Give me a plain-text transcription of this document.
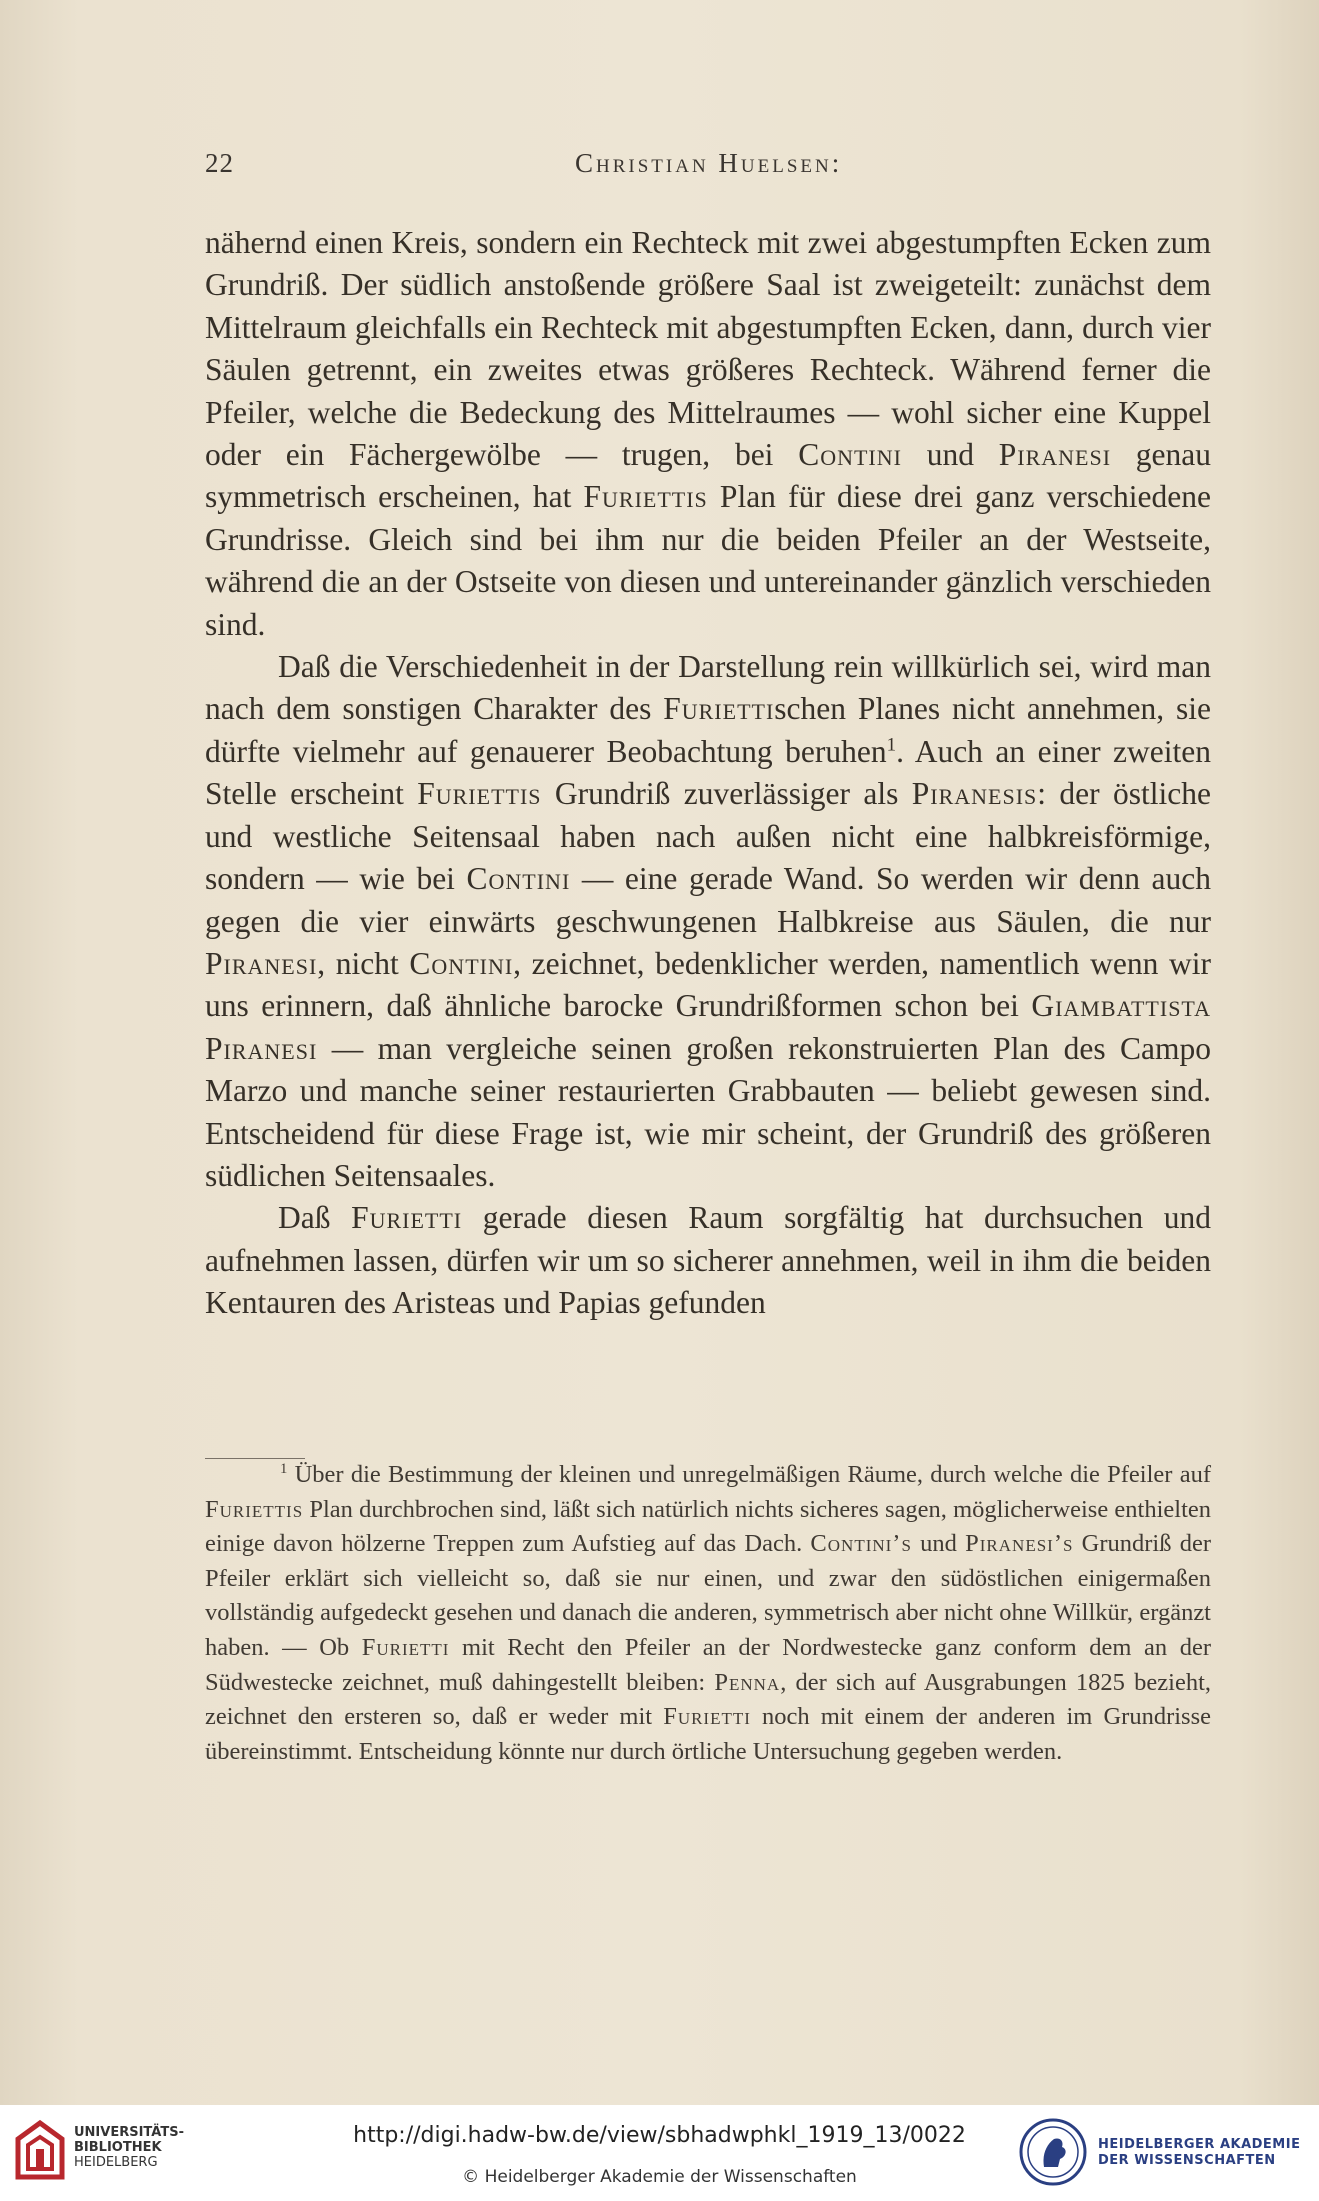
22	Christian Huelsen:

nähernd einen Kreis, sondern ein Rechteck mit zwei abgestumpften Ecken zum Grundriß. Der südlich anstoßende größere Saal ist zweigeteilt: zunächst dem Mittelraum gleichfalls ein Rechteck mit abgestumpften Ecken, dann, durch vier Säulen getrennt, ein zweites etwas größeres Rechteck. Während ferner die Pfeiler, welche die Bedeckung des Mittelraumes — wohl sicher eine Kuppel oder ein Fächergewölbe — trugen, bei Contini und Piranesi genau symmetrisch erscheinen, hat Furiettis Plan für diese drei ganz verschiedene Grundrisse. Gleich sind bei ihm nur die beiden Pfeiler an der Westseite, während die an der Ostseite von diesen und untereinander gänzlich verschieden sind.

Daß die Verschiedenheit in der Darstellung rein willkürlich sei, wird man nach dem sonstigen Charakter des Furiettischen Planes nicht annehmen, sie dürfte vielmehr auf genauerer Beobachtung beruhen$^1$. Auch an einer zweiten Stelle erscheint Furiettis Grundriß zuverlässiger als Piranesis: der östliche und westliche Seitensaal haben nach außen nicht eine halbkreisförmige, sondern — wie bei Contini — eine gerade Wand. So werden wir denn auch gegen die vier einwärts geschwungenen Halbkreise aus Säulen, die nur Piranesi, nicht Contini, zeichnet, bedenklicher werden, namentlich wenn wir uns erinnern, daß ähnliche barocke Grundrißformen schon bei Giambattista Piranesi — man vergleiche seinen großen rekonstruierten Plan des Campo Marzo und manche seiner restaurierten Grabbauten — beliebt gewesen sind. Entscheidend für diese Frage ist, wie mir scheint, der Grundriß des größeren südlichen Seitensaales.

Daß Furietti gerade diesen Raum sorgfältig hat durchsuchen und aufnehmen lassen, dürfen wir um so sicherer annehmen, weil in ihm die beiden Kentauren des Aristeas und Papias gefunden

$^1$ Über die Bestimmung der kleinen und unregelmäßigen Räume, durch welche die Pfeiler auf Furiettis Plan durchbrochen sind, läßt sich natürlich nichts sicheres sagen, möglicherweise enthielten einige davon hölzerne Treppen zum Aufstieg auf das Dach. Contini’s und Piranesi’s Grundriß der Pfeiler erklärt sich vielleicht so, daß sie nur einen, und zwar den südöstlichen einigermaßen vollständig aufgedeckt gesehen und danach die anderen, symmetrisch aber nicht ohne Willkür, ergänzt haben. — Ob Furietti mit Recht den Pfeiler an der Nordwestecke ganz conform dem an der Südwestecke zeichnet, muß dahingestellt bleiben: Penna, der sich auf Ausgrabungen 1825 bezieht, zeichnet den ersteren so, daß er weder mit Furietti noch mit einem der anderen im Grundrisse übereinstimmt. Entscheidung könnte nur durch örtliche Untersuchung gegeben werden.

UNIVERSITÄTS-
BIBLIOTHEK
HEIDELBERG
http://digi.hadw-bw.de/view/sbhadwphkl_1919_13/0022
© Heidelberger Akademie der Wissenschaften
HEIDELBERGER AKADEMIE
DER WISSENSCHAFTEN
